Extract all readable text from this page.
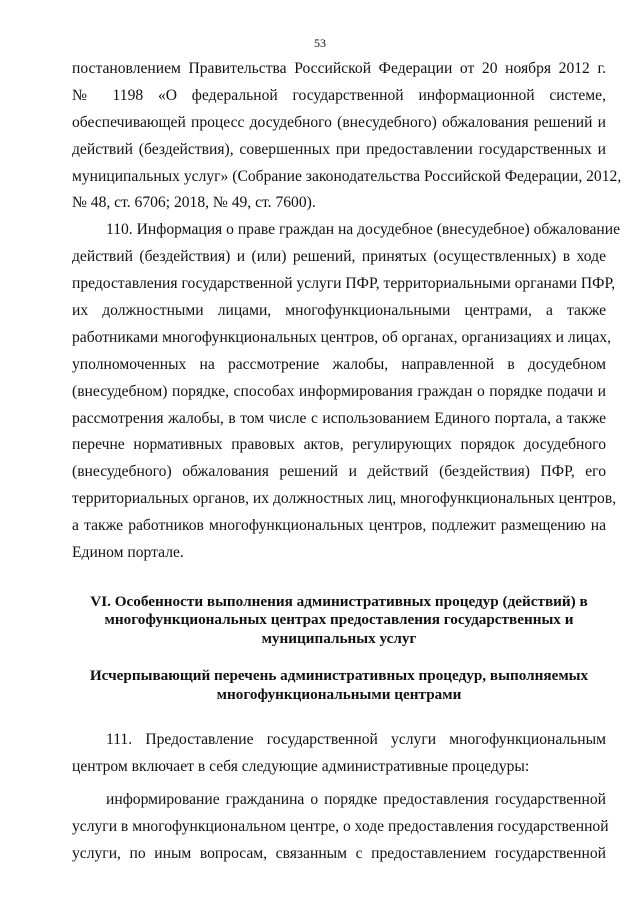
53
постановлением Правительства Российской Федерации от 20 ноября 2012 г.
№ 1198 «О федеральной государственной информационной системе,
обеспечивающей процесс досудебного (внесудебного) обжалования решений и
действий (бездействия), совершенных при предоставлении государственных и
муниципальных услуг» (Собрание законодательства Российской Федерации, 2012,
№ 48, ст. 6706; 2018, № 49, ст. 7600).
110. Информация о праве граждан на досудебное (внесудебное) обжалование
действий (бездействия) и (или) решений, принятых (осуществленных) в ходе
предоставления государственной услуги ПФР, территориальными органами ПФР,
их должностными лицами, многофункциональными центрами, а также
работниками многофункциональных центров, об органах, организациях и лицах,
уполномоченных на рассмотрение жалобы, направленной в досудебном
(внесудебном) порядке, способах информирования граждан о порядке подачи и
рассмотрения жалобы, в том числе с использованием Единого портала, а также
перечне нормативных правовых актов, регулирующих порядок досудебного
(внесудебного) обжалования решений и действий (бездействия) ПФР, его
территориальных органов, их должностных лиц, многофункциональных центров,
а также работников многофункциональных центров, подлежит размещению на
Едином портале.
VI. Особенности выполнения административных процедур (действий) в
многофункциональных центрах предоставления государственных и
муниципальных услуг
Исчерпывающий перечень административных процедур, выполняемых
многофункциональными центрами
111. Предоставление государственной услуги многофункциональным
центром включает в себя следующие административные процедуры:
информирование гражданина о порядке предоставления государственной
услуги в многофункциональном центре, о ходе предоставления государственной
услуги, по иным вопросам, связанным с предоставлением государственной
